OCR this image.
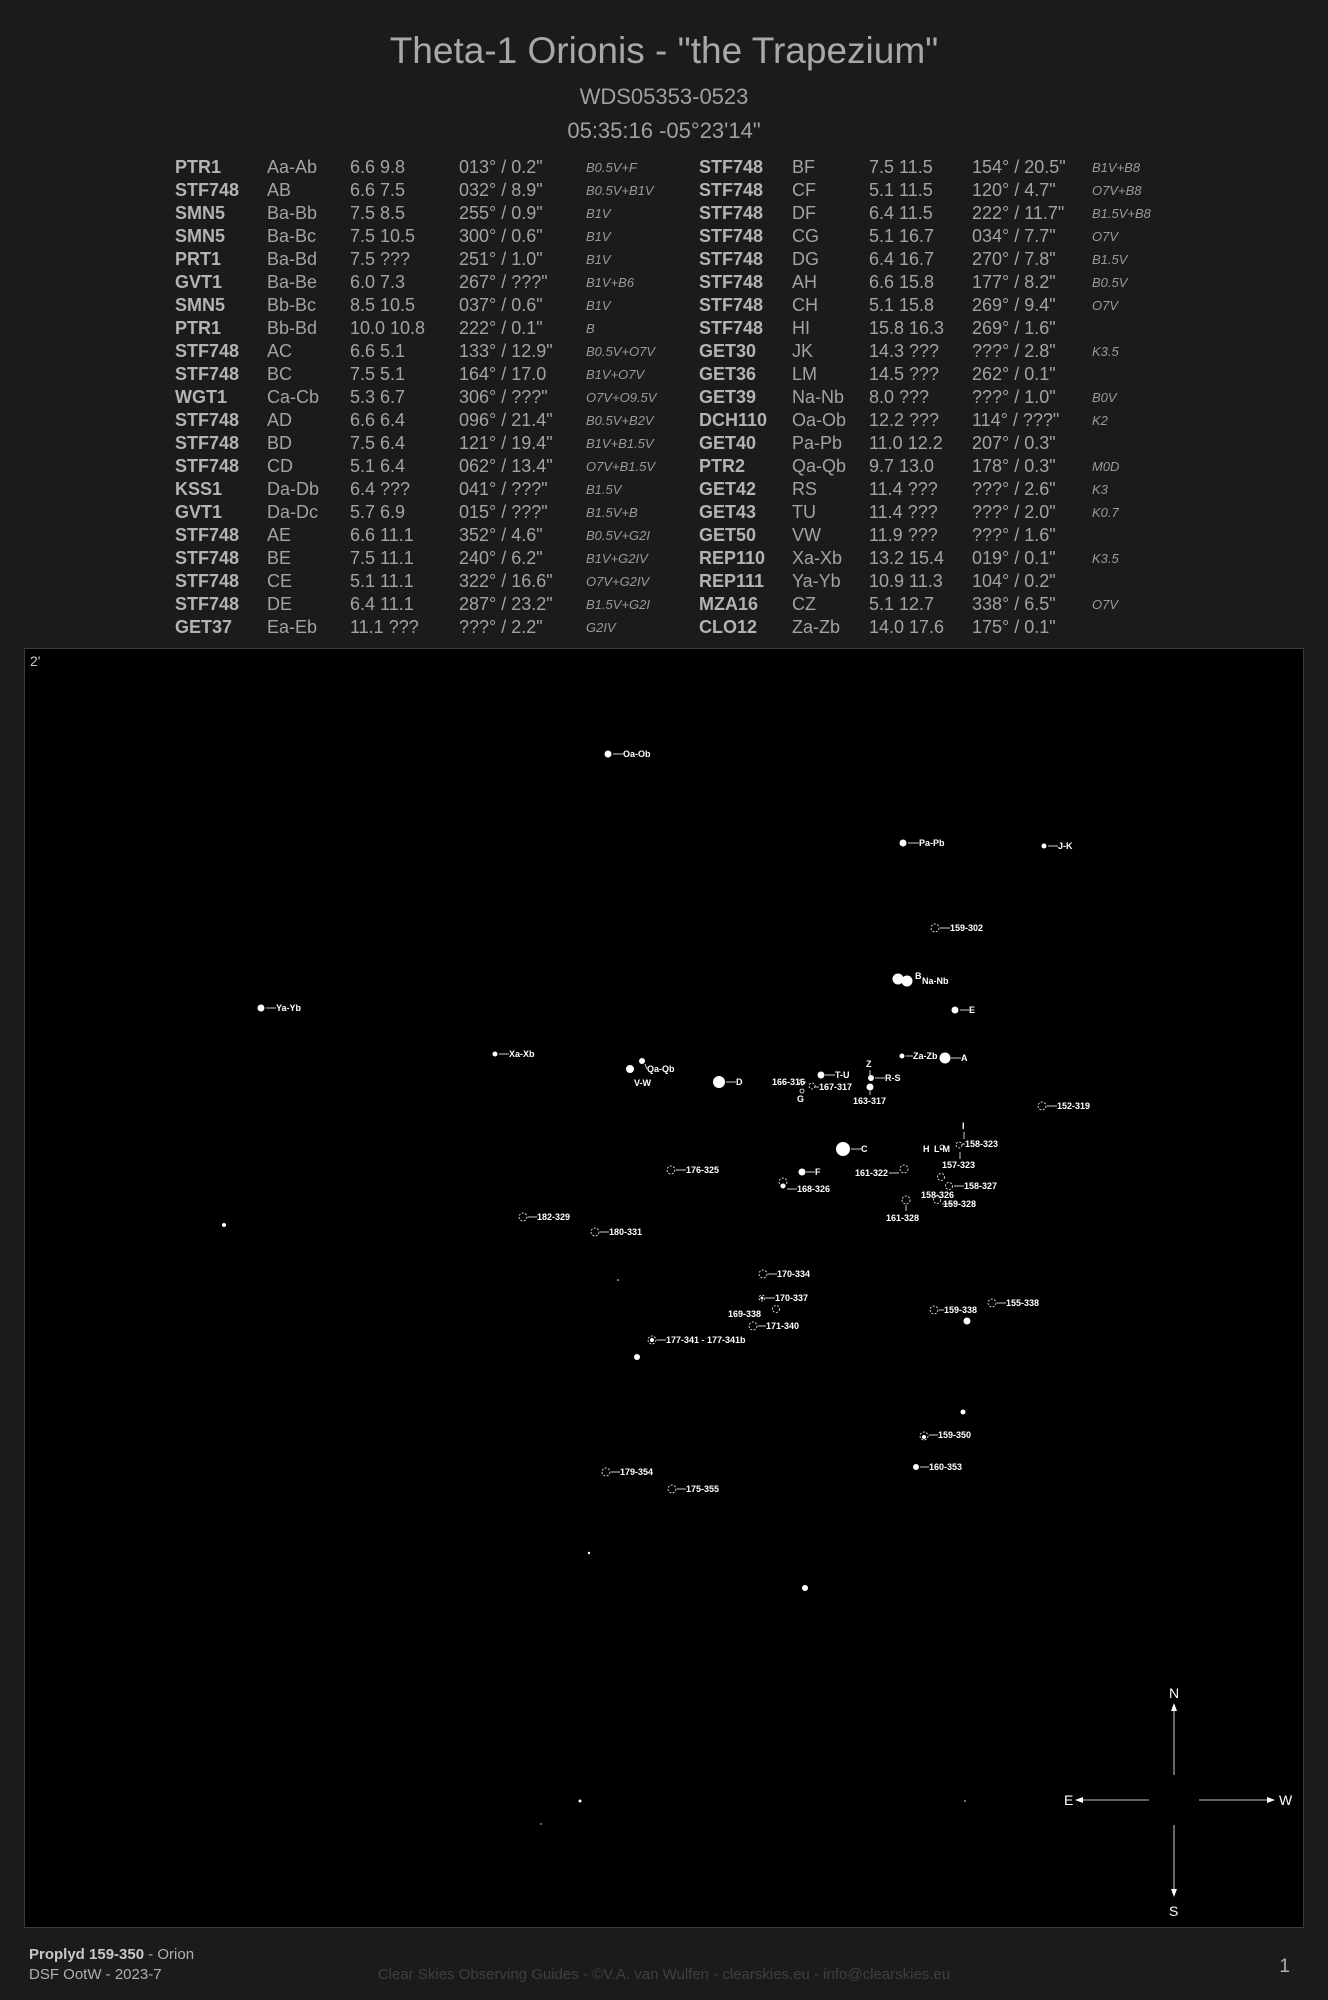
Theta-1 Orionis - "the Trapezium"
WDS05353-0523
05:35:16 -05°23'14"
PTR1	Aa-Ab 6.6 9.8	013° / 0.2"	B0.5V+F
STF748 AB	6.6 7.5	032° / 8.9"	B0.5V+B1V
SMN5 Ba-Bb 7.5 8.5	255° / 0.9"	B1V
SMN5 Ba-Bc 7.5 10.5 300° / 0.6"	B1V
PRT1	Ba-Bd 7.5 ???	251° / 1.0"	B1V
GVT1 Ba-Be 6.0 7.3	267° / ???"	B1V+B6
SMN5 Bb-Bc 8.5 10.5 037° / 0.6"	B1V
PTR1	Bb-Bd 10.0 10.8 222° / 0.1"	B
STF748 AC	6.6 5.1	133° / 12.9"	B0.5V+O7V
STF748 BC	7.5 5.1	164° / 17.0	B1V+O7V
WGT1 Ca-Cb 5.3 6.7	306° / ???"	O7V+O9.5V
STF748 AD	6.6 6.4	096° / 21.4"	B0.5V+B2V
STF748 BD	7.5 6.4	121° / 19.4"	B1V+B1.5V
STF748 CD	5.1 6.4	062° / 13.4"	O7V+B1.5V
KSS1 Da-Db 6.4 ???	041° / ???"	B1.5V
GVT1 Da-Dc 5.7 6.9	015° / ???"	B1.5V+B
STF748 AE	6.6 11.1	352° / 4.6"	B0.5V+G2I
STF748 BE	7.5 11.1	240° / 6.2"	B1V+G2IV
STF748 CE	5.1 11.1	322° / 16.6"	O7V+G2IV
STF748 DE	6.4 11.1	287° / 23.2"	B1.5V+G2I
GET37 Ea-Eb 11.1 ??? ???° / 2.2"	G2IV
STF748 BF	7.5 11.5 154° / 20.5" B1V+B8
STF748 CF	5.1 11.5 120° / 4.7"	O7V+B8
STF748 DF	6.4 11.5 222° / 11.7" B1.5V+B8
STF748 CG	5.1 16.7 034° / 7.7"	O7V
STF748 DG	6.4 16.7 270° / 7.8"	B1.5V
STF748 AH	6.6 15.8 177° / 8.2"	B0.5V
STF748 CH	5.1 15.8 269° / 9.4"	O7V
STF748 HI	15.8 16.3 269° / 1.6"
GET30 JK	14.3 ??? ???° / 2.8"	K3.5
GET36 LM	14.5 ??? 262° / 0.1"
GET39 Na-Nb 8.0 ??? ???° / 1.0"	B0V
DCH110 Oa-Ob 12.2 ??? 114° / ???"	K2
GET40 Pa-Pb 11.0 12.2 207° / 0.3"
PTR2	Qa-Qb 9.7 13.0 178° / 0.3"	M0D
GET42 RS	11.4 ??? ???° / 2.6"	K3
GET43 TU	11.4 ??? ???° / 2.0"	K0.7
GET50 VW	11.9 ??? ???° / 1.6"
REP110 Xa-Xb 13.2 15.4 019° / 0.1"	K3.5
REP111 Ya-Yb 10.9 11.3 104° / 0.2"
MZA16 CZ	5.1 12.7 338° / 6.5"	O7V
CLO12 Za-Zb 14.0 17.6 175° / 0.1"
2'
Oa-Ob
Pa-Pb	J-K
159-302
B Na-Nb
E
Ya-Yb
Xa-Xb
Qa-Qb
V-W	D
Za-Zb	A
Z
166-316
T-U
167-317
R-S
163-317
G
152-319
I
H L-M 158-323
157-323
C
176-325	F	161-322
168-326
158-326
158-327
159-328
161-328
182-329
180-331
170-334
170-337
169-338
171-340
159-338
155-338
177-341 - 177-341b
159-350
160-353
179-354
175-355
N
S
E	W
Proplyd 159-350 - Orion
DSF OotW - 2023-7	Clear Skies Observing Guides - ©V.A. van Wulfen - clearskies.eu - info@clearskies.eu	1
